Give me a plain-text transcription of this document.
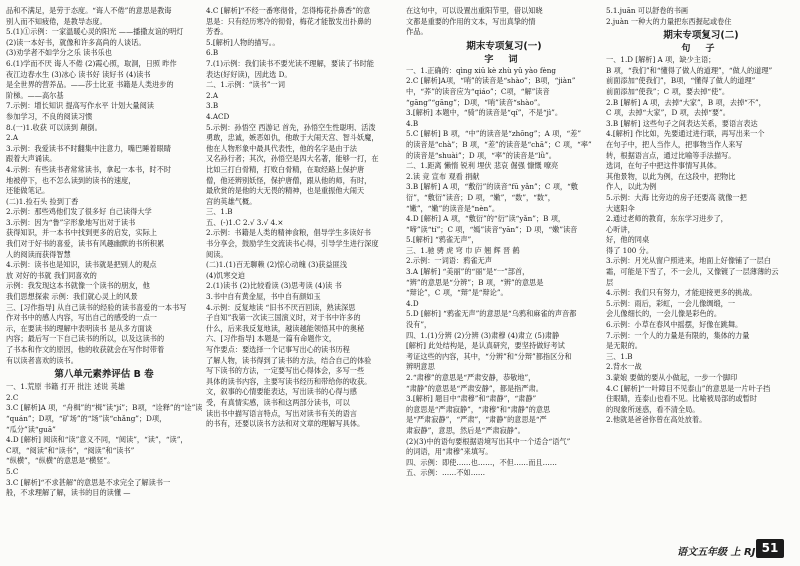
品和不满足，是劳于态度。“诲人不倦”的意思是教诲
别人而不知疲倦，是教导态度。
5.(1)①示例：一家温暖心灵的阳光 ——播撒友谊的明灯
(2)读一本好书，就像和许多高尚的人谈话。
(3)劝学者不如学分之乐 读书乐也
6.(1)学而不厌 诲人不倦 (2)霞心照，取洞，日照 昨作
夜江边春水生 (3)冰心 读书好 读好书 (4)读书
是全世界的营养品。——莎士比亚 书籍是人类进步的
阶梯。——高尔基
7.示例：增长知识 提高写作水平 计划大量阅读
参加学习，不良的阅读习惯
8.(一)1.收获 可以读到 颠倒。
2.A
3.示例：我爱读书不时翻集中注意力，嘴巴睡着眼睛
跟着大声诵读。
4.示例：有些读书者常常读书，拿起一本书，时不时
地被停下，也不怎么读到的读书的速度，
还能做笔记。
(二)1.捡石头 捡到丁香
2.示例：那些鸡他们发了很多好 自己读得大学
3.示例：因为“鲁”字形象地写出对于读书
获得知识，并一本书中找到更多的启发，实际上
我们对于好书的喜爱，读书有风趣幽默的书所积累
人的阅读而获得智慧
4.示例：读书也是知识，读书就是把别人的观点
放 对好的书就 我们同喜欢的
示例：我发现这本书就像一个读书的朋友，他
我们思想探索 示例：我们就心灵上的风景
三、[习作指导] 从自己读书的经验的读书喜爱的一本书写
作对书中的感人内容，写出自己的感受的一点一
示，在要读书的理解中表明读书 是从多方面谈
内容；最后写一下自己读书的所以，以及这读书的
了书本和作文的原因，他的收获就会在写作时带着
有以读者喜欢的读书。
第八单元素养评估 B 卷
一、1.荒原 书籍 打开 批注 述说 英雄
2.C
3.C [解析]A 项，“舟楫”的“楫”读“jí”；B项，“诠释”的“诠”读
“quán”；D项，“矿场”的“场”读“chǎng”；D项，
“瓜分”读“guā”
4.D [解析] 阅读和“读”意义不同，“阅读”，“读”，“读”，
C项，“阅读”和“读书”，“阅读”和“读书”
“纵横”，“纵横”的意思是“横竖”。
5.C
3.C [解析]“不求甚解”的意思是不求完全了解读书一
般，不求理解了解，读书的目的读懂 —
4.C [解析]“不经一番寒彻骨，怎得梅花扑鼻香”的意
思是：只有经历寒冷的彻骨，梅花才能散发出扑鼻的
芳香。
5.[解析]人物的描写。。
6.B
7.(1)示例：我们读书不要光读不理解，要读了书时能
表达(好好读)，因此选 D。
二、1.示例：“读书”一词
2.A
3.B
4.ACD
5.示例：孙悟空 西游记 首先，孙悟空生性聪明、活泼
勇敢，忠诚，嫉恶如仇，他敢于大闹天宫、智斗妖魔，
他在人物形象中最具代表性，他的名字是由于法
又名孙行者；其次，孙悟空是四大名著，能够一打，在
比如三打白骨精，打败白骨精，在取经路上保护唐
僧，他还辨别妖怪，保护唐僧，跟从他的师，有时，
最欣赏的是他的大无畏的精神，也是重振他大闹天
宫的英雄气概。
三、1.B
五、(-)1.C 2.√ 3.√ 4.×
2.示例：书籍是人类的精神食粮，倡导学生多读好书
书分享会，鼓励学生交流读书心得，引导学生进行深度
阅读。
(二)1.(1)百无聊赖 (2)惊心动魄 (3)获益匪浅
(4)饥寒交迫
2.(1)读书 (2)比较看读 (3)思考读 (4)读 书
3.书中自有黄金屋，书中自有颜如玉
4.示例：反复地读 “旧书不厌百回读，熟读深思
子自知”我第一次读三国演义时，对于书中许多的
什么，后来我反复地读，越读越能领悟其中的奥秘
六、[习作指导] 本题是一篇有命题作文，
写作要点：要选择一个记事写出心的读书历程
了解人物，读书得到了读书的方法，结合自己的体验
写下读书的方法，一定要写出心得体会，多写一些
具体的读书内容，主要写读书经历和带给你的收获。
文，叙事的心情要能表达，写出读书的心得与感
受，有真情实感，读书和这两部分读书，可以
读出书中描写语言特点，写出对读书有关的语言
的书有，还要以读书方法和对文章的理解写具体。
在这句中，可以设置出重阳节里，借以知晓
文都是重要的作用的文本，写出真挚的情
作品。
期末专项复习(一)
字 词
一、1.正确的：qìng xiū kè zhù yǔ yào fèng
2.C [解析]A项，“哨”的读音是“shào”；B项，“jiàn”
中，“荞”的读音应为“qiáo”；C项，“解”读音
“gāng”“gāng”；D项，“哨”读音“shào”。
3.[解析] 本题中，“骑”的读音是“qí”，不是“jì”。
4.B
5.C [解析] B 项，“中”的读音是“zhōng”；A 项，“差”
的读音是“chà”；B 项，“差”的读音是“chā”；C 项，“率”
的读音是“shuài”；D 项，“率”的读音是“lǜ”。
二、1.距离 懒惰 锐利 埋伏 悲哀 倔强 慷慨 嘹亮
2.读 竞 宣布 观看 捐献
3.B [解析] A 项，“敷衍”的读音“fū yǎn”；C 项，“敷
衍”，“敷衍”读音；D 项，“嫩”，“数”，“数”，
“嫩”，“嫩”的读音是“nèn”。
4.D [解析] A 项，“敷衍”的“衍”读“yǎn”；B 项，
“啼”读“tí”；C 项，“嫣”读音“yān”；D 项，“嫩”读音
5.[解析] “鸦雀无声”，
三、1.驰 骋 虎 穹 巾 庐 翘 辉 晋 鹤
2.示例：一词语：鸦雀无声
3.A [解析] “美丽”的“丽”是“一”部首，
“辨”的意思是“分辨”；B 项，“辨”的意思是
“辩论”，C 项，“辩”是“辩论”。
4.D
5.D [解析] “鸦雀无声”的意思是“乌鸦和麻雀的声音都
没有”，
四、1.(1)分辨 (2)分辨 (3)肃穆 (4)肃立 (5)肃静
[解析] 此处结构是，是认真研究，要坚持做好考试
考证这些的内容，其中，“分辨”和“分辩”都指区分和
辨明意思
2.“肃穆”的意思是“严肃安静，恭敬地”，
“肃静”的意思是“严肃安静”，都是指严肃。
3.[解析] 题目中“肃穆”和“肃静”，“肃静”
的意思是“严肃寂静”，“肃穆”和“肃静”的意思
是“严肃寂静”，“严肃”，“肃静”的意思是“严
肃寂静”，意思，然后是“严肃寂静”。
(2)(3)中的语句要根据语境写出其中一个适合“语气”
的词语，用“肃穆”来填写。
四、示例：即使……也……，不但……而且……
五、示例：……不如……
5.1.juān 可以舒卷的书画
2.juàn 一种大的力量把东西握起或卷住
期末专项复习(二)
句 子
一、1.D [解析] A 项，缺少主语；
B 项，“我们”和“懂得了做人的道理”，“做人的道理”
前面添加“使我们”，B项，“懂得了做人的道理”
前面添加“使我”；C 项，要去掉“使”。
2.B [解析] A 项，去掉“大家”，B 项，去掉“不”，
C 项，去掉“大家”，D 项，去掉“要”。
3.B [解析] 这些句子之间表达关系，要语言表达
4.[解析] 作比如，先要通过进行联，再写出来一个
在句子中，把人当作人，把事物当作人来写
转，根据语言点，通过比喻等手法描写。
选词，在句子中把这件事情写具体。
其他景物，以此为例，在这段中，把物比
作人，以此为例
5.示例：大海 比旁边的房子还要高 就像一把
大遮阳伞
2.通过老师的教育，东东学习进步了，
心听讲，
好，他的同桌
得了 100 分。
3.示例：月光从窗户照进来，地面上好像铺了一层白
霜，可能是下雪了，不一会儿，又像镀了一层薄薄的云
层
4.示例：我们只有努力，才能迎接更多的挑战。
5.示例：雨后，彩虹，一会儿像绸缎，一
会儿像细长的，一会儿像是彩色的。
6.示例：小草在春风中摇摆，好像在跳舞。
7.示例：一个人的力量是有限的，集体的力量
是无限的。
三、1.B
2.背水一战
3.蒙娘 要做的要从小做起，一步一个脚印
4.C [解析]“一叶障目不见泰山”的意思是一片叶子挡
住眼睛，连泰山也看不见。比喻被局部的或暂时
的现象所迷惑，看不清全局。
2.他就是爸爸你曾在高处放着。
语文五年级 上 RJ 51
